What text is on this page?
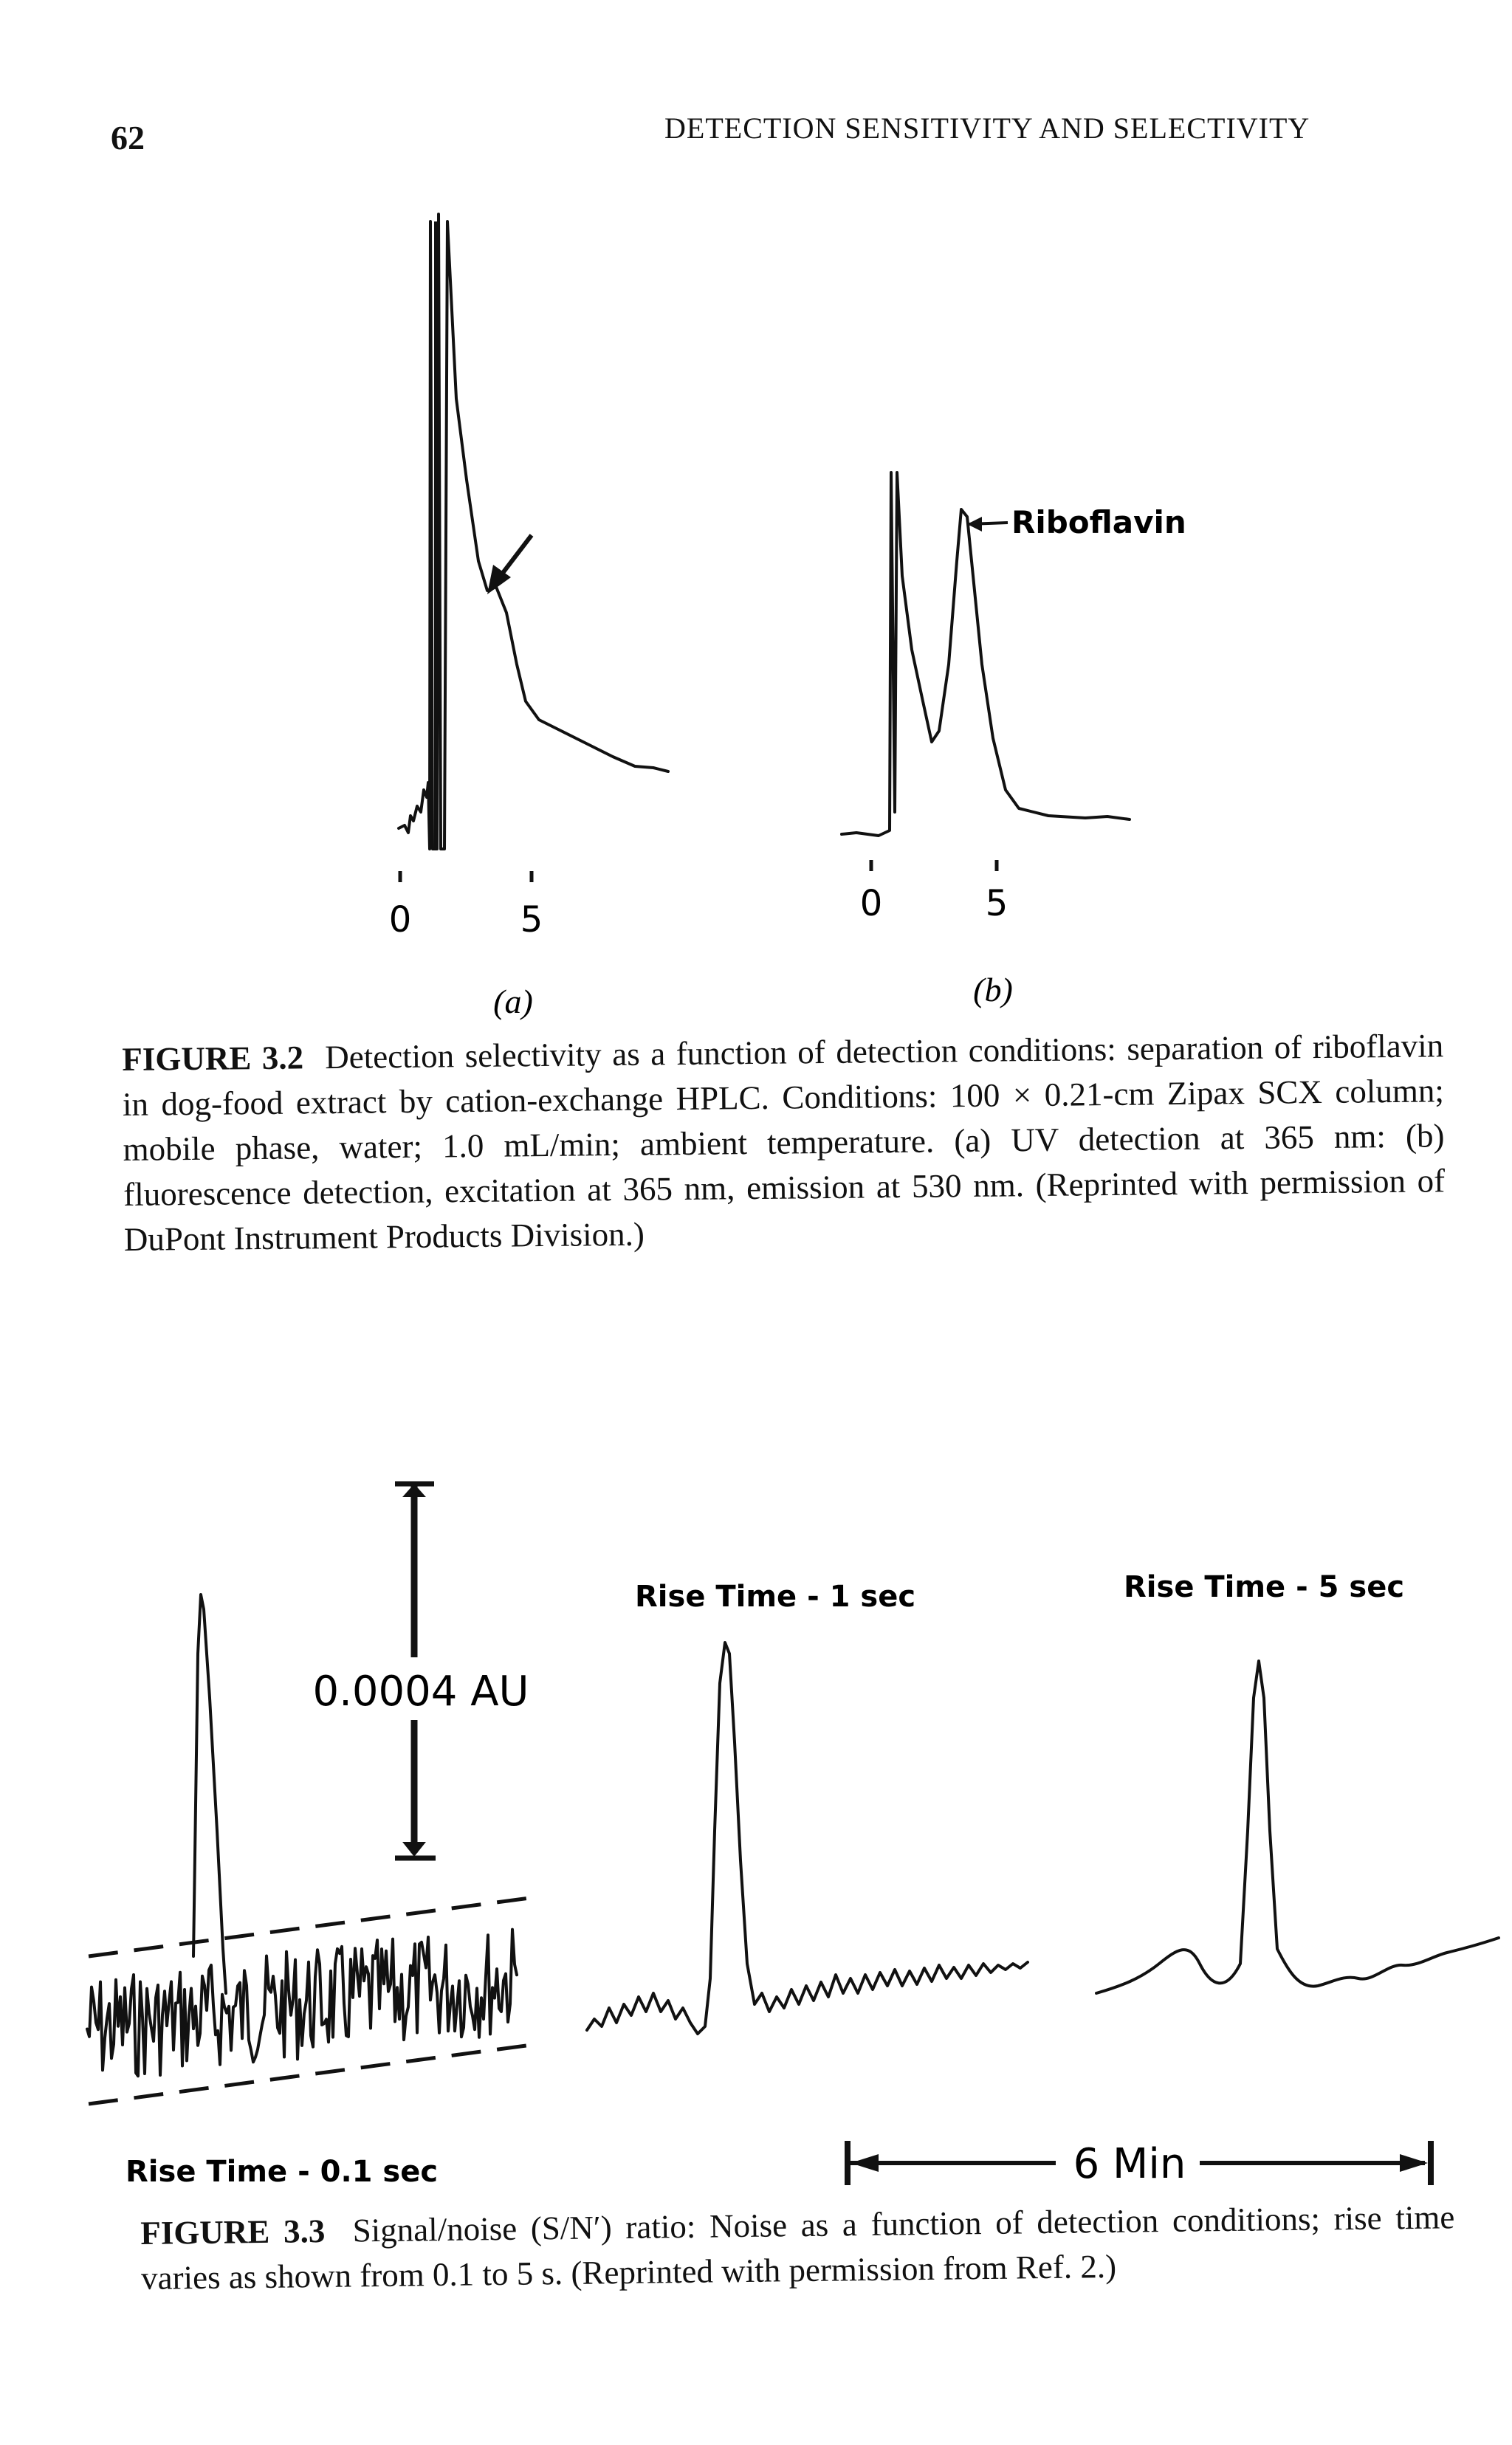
62	DETECTION SENSITIVITY AND SELECTIVITY
0	5
(a)
Riboflavin
0	5
(b)
0.0004 AU
Rise Time - 0.1 sec
Rise Time - 1 sec	Rise Time - 5 sec
6 Min
FIGURE 3.2 Detection selectivity as a function of detection conditions: separation of riboflavin in dog-food extract by cation-exchange HPLC. Conditions: 100 × 0.21-cm Zipax SCX column; mobile phase, water; 1.0 mL/min; ambient temperature. (a) UV detection at 365 nm: (b) fluorescence detection, excitation at 365 nm, emission at 530 nm. (Reprinted with permission of DuPont Instrument Products Division.)
FIGURE 3.3 Signal/noise (S/N′) ratio: Noise as a function of detection conditions; rise time varies as shown from 0.1 to 5 s. (Reprinted with permission from Ref. 2.)
